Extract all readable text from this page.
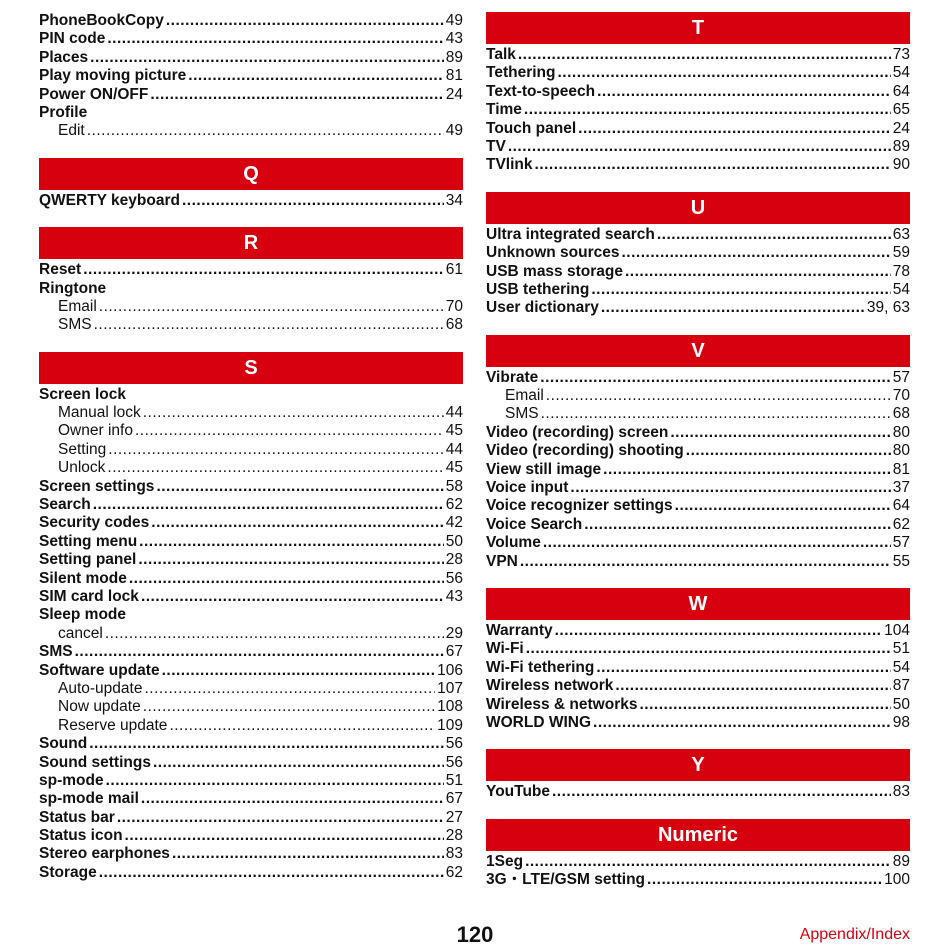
PhoneBookCopy .....	49
PIN code .....	43
Places .....	89
Play moving picture .....	81
Power ON/OFF .....	24
Profile
Edit .....	49
Q
QWERTY keyboard .....	34
R
Reset .....	61
Ringtone
Email .....	70
SMS .....	68
S
Screen lock
Manual lock .....	44
Owner info .....	45
Setting .....	44
Unlock .....	45
Screen settings .....	58
Search .....	62
Security codes .....	42
Setting menu .....	50
Setting panel .....	28
Silent mode .....	56
SIM card lock .....	43
Sleep mode
cancel .....	29
SMS .....	67
Software update .....	106
Auto-update .....	107
Now update .....	108
Reserve update .....	109
Sound .....	56
Sound settings .....	56
sp-mode .....	51
sp-mode mail .....	67
Status bar .....	27
Status icon .....	28
Stereo earphones .....	83
Storage .....	62
T
Talk .....	73
Tethering .....	54
Text-to-speech .....	64
Time .....	65
Touch panel .....	24
TV .....	89
TVlink .....	90
U
Ultra integrated search .....	63
Unknown sources .....	59
USB mass storage .....	78
USB tethering .....	54
User dictionary .....	39, 63
V
Vibrate .....	57
Email .....	70
SMS .....	68
Video (recording) screen .....	80
Video (recording) shooting .....	80
View still image .....	81
Voice input .....	37
Voice recognizer settings .....	64
Voice Search .....	62
Volume .....	57
VPN .....	55
W
Warranty .....	104
Wi-Fi .....	51
Wi-Fi tethering .....	54
Wireless network .....	87
Wireless & networks .....	50
WORLD WING .....	98
Y
YouTube .....	83
Numeric
1Seg .....	89
3G・LTE/GSM setting .....	100
120	Appendix/Index
